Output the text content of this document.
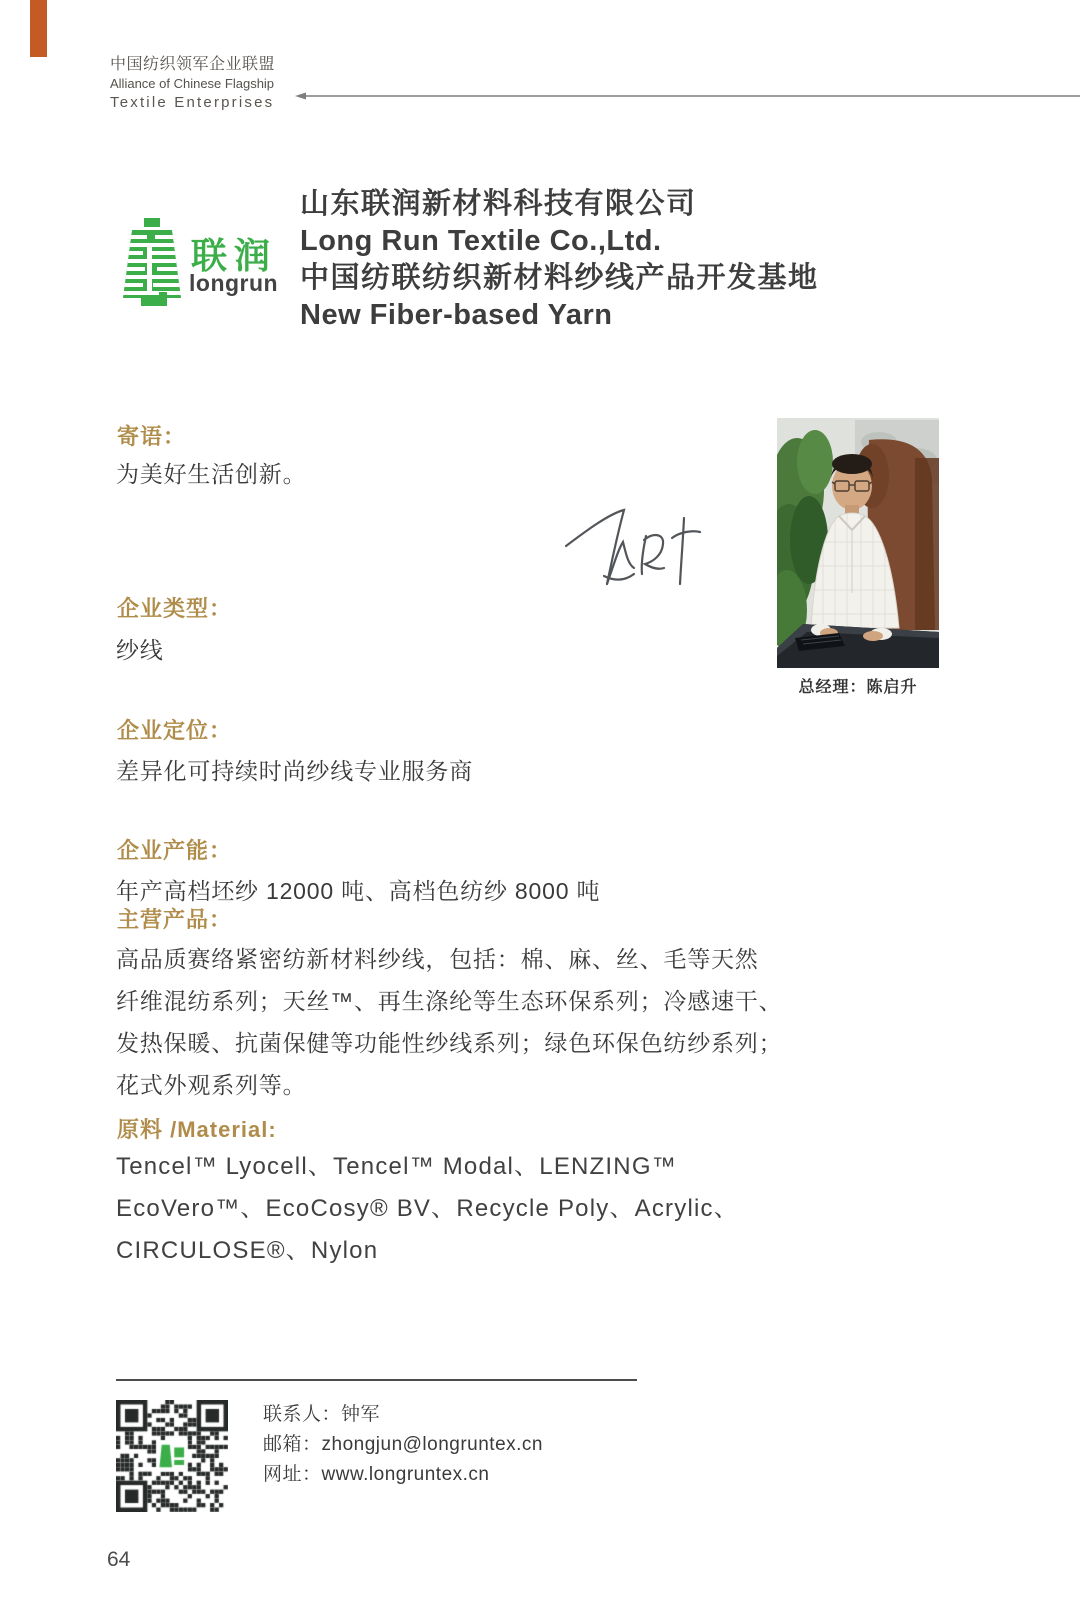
中国纺织领军企业联盟
Alliance of Chinese Flagship
Textile Enterprises
联润
longrun
山东联润新材料科技有限公司
Long Run Textile Co.,Ltd.
中国纺联纺织新材料纱线产品开发基地
New Fiber-based Yarn
寄语：
为美好生活创新。
总经理：陈启升
企业类型：
纱线
企业定位：
差异化可持续时尚纱线专业服务商
企业产能：
年产高档坯纱 12000 吨、高档色纺纱 8000 吨
主营产品：
高品质赛络紧密纺新材料纱线，包括：棉、麻、丝、毛等天然
纤维混纺系列；天丝™、再生涤纶等生态环保系列；冷感速干、
发热保暖、抗菌保健等功能性纱线系列；绿色环保色纺纱系列；
花式外观系列等。
原料 /Material:
Tencel™ Lyocell、Tencel™ Modal、LENZING™
EcoVero™、EcoCosy® BV、Recycle Poly、Acrylic、
CIRCULOSE®、Nylon
联系人：钟军
邮箱：zhongjun@longruntex.cn
网址：www.longruntex.cn
64
